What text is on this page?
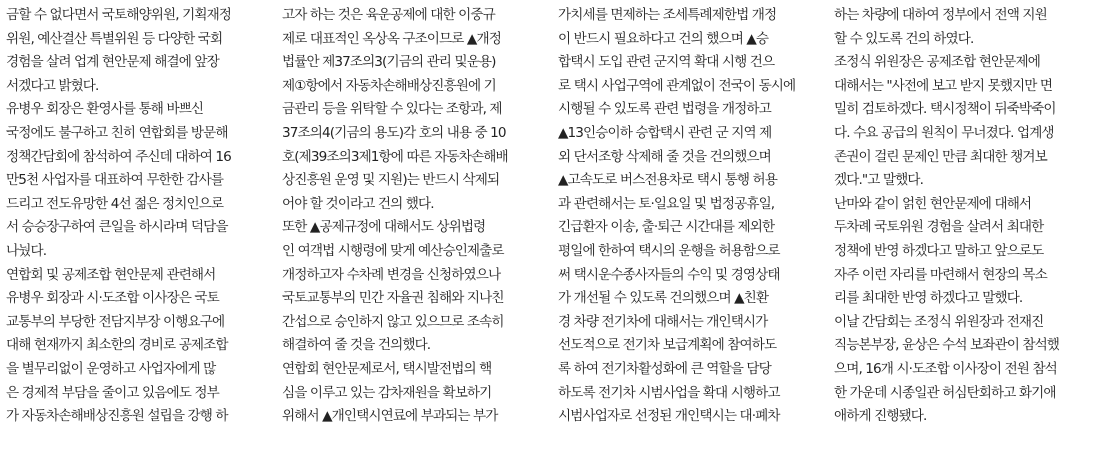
금할 수 없다면서 국토해양위원, 기획재정
위원, 예산결산 특별위원 등 다양한 국회
경험을 살려 업계 현안문제 해결에 앞장
서겠다고 밝혔다.
유병우 회장은 환영사를 통해 바쁘신
국정에도 불구하고 친히 연합회를 방문해
정책간담회에 참석하여 주신데 대하여 16
만5천 사업자를 대표하여 무한한 감사를
드리고 전도유망한 4선 젊은 정치인으로
서 승승장구하여 큰일을 하시라며 덕담을
나눴다.
연합회 및 공제조합 현안문제 관련해서
유병우 회장과 시·도조합 이사장은 국토
교통부의 부당한 전담지부장 이행요구에
대해 현재까지 최소한의 경비로 공제조합
을 별무리없이 운영하고 사업자에게 많
은 경제적 부담을 줄이고 있음에도 정부
가 자동차손해배상진흥원 설립을 강행 하
고자 하는 것은 육운공제에 대한 이중규
제로 대표적인 옥상옥 구조이므로 ▲개정
법률안 제37조의3(기금의 관리 및운용)
제①항에서 자동차손해배상진흥원에 기
금관리 등을 위탁할 수 있다는 조항과, 제
37조의4(기금의 용도)각 호의 내용 중 10
호(제39조의3제1항에 따른 자동차손해배
상진흥원 운영 및 지원)는 반드시 삭제되
어야 할 것이라고 건의 했다.
또한 ▲공제규정에 대해서도 상위법령
인 여객법 시행령에 맞게 예산승인제출로
개정하고자 수차례 변경을 신청하였으나
국토교통부의 민간 자율권 침해와 지나친
간섭으로 승인하지 않고 있으므로 조속히
해결하여 줄 것을 건의했다.
연합회 현안문제로서, 택시발전법의 핵
심을 이루고 있는 감차재원을 확보하기
위해서 ▲개인택시연료에 부과되는 부가
가치세를 면제하는 조세특례제한법 개정
이 반드시 필요하다고 건의 했으며 ▲승
합택시 도입 관련 군지역 확대 시행 건으
로 택시 사업구역에 관계없이 전국이 동시에
시행될 수 있도록 관련 법령을 개정하고
▲13인승이하 승합택시 관련 군 지역 제
외 단서조항 삭제해 줄 것을 건의했으며
▲고속도로 버스전용차로 택시 통행 허용
과 관련해서는 토·일요일 및 법정공휴일,
긴급환자 이송, 출·퇴근 시간대를 제외한
평일에 한하여 택시의 운행을 허용함으로
써 택시운수종사자들의 수익 및 경영상태
가 개선될 수 있도록 건의했으며 ▲친환
경 차량 전기차에 대해서는 개인택시가
선도적으로 전기차 보급계획에 참여하도
록 하여 전기차활성화에 큰 역할을 담당
하도록 전기차 시범사업을 확대 시행하고
시범사업자로 선정된 개인택시는 대·폐차
하는 차량에 대하여 정부에서 전액 지원
할 수 있도록 건의 하였다.
조정식 위원장은 공제조합 현안문제에
대해서는 "사전에 보고 받지 못했지만 면
밀히 검토하겠다. 택시정책이 뒤죽박죽이
다. 수요 공급의 원칙이 무너졌다. 업계생
존권이 걸린 문제인 만큼 최대한 챙겨보
겠다."고 말했다.
난마와 같이 얽힌 현안문제에 대해서
두차례 국토위원 경험을 살려서 최대한
정책에 반영 하겠다고 말하고 앞으로도
자주 이런 자리를 마련해서 현장의 목소
리를 최대한 반영 하겠다고 말했다.
이날 간담회는 조정식 위원장과 전재진
직능본부장, 윤상은 수석 보좌관이 참석했
으며, 16개 시·도조합 이사장이 전원 참석
한 가운데 시종일관 허심탄회하고 화기애
애하게 진행됐다.
